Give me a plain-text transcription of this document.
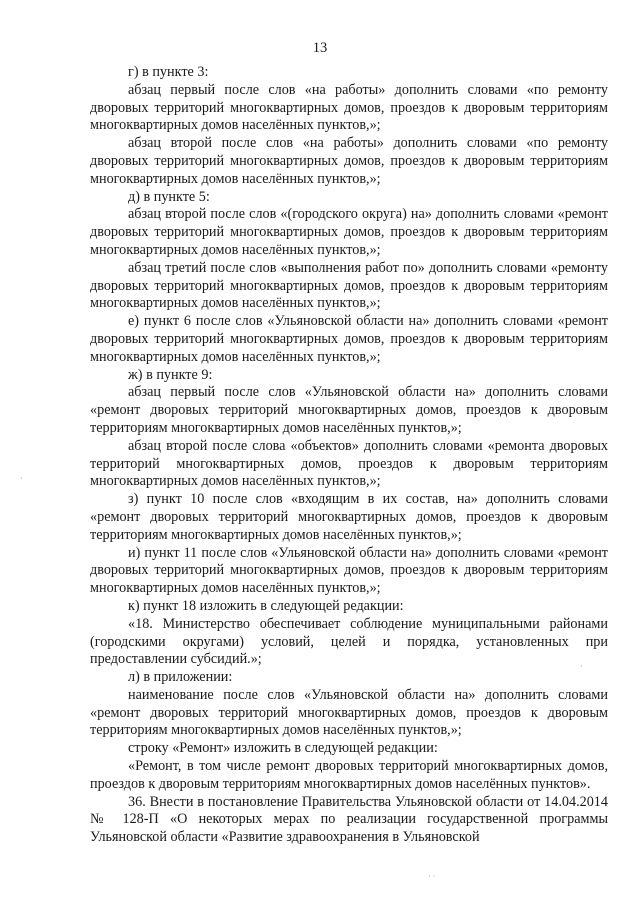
13

г) в пункте 3:

абзац первый после слов «на работы» дополнить словами «по ремонту дворовых территорий многоквартирных домов, проездов к дворовым территориям многоквартирных домов населённых пунктов,»;

абзац второй после слов «на работы» дополнить словами «по ремонту дворовых территорий многоквартирных домов, проездов к дворовым территориям многоквартирных домов населённых пунктов,»;

д) в пункте 5:

абзац второй после слов «(городского округа) на» дополнить словами «ремонт дворовых территорий многоквартирных домов, проездов к дворовым территориям многоквартирных домов населённых пунктов,»;

абзац третий после слов «выполнения работ по» дополнить словами «ремонту дворовых территорий многоквартирных домов, проездов к дворовым территориям многоквартирных домов населённых пунктов,»;

е) пункт 6 после слов «Ульяновской области на» дополнить словами «ремонт дворовых территорий многоквартирных домов, проездов к дворовым территориям многоквартирных домов населённых пунктов,»;

ж) в пункте 9:

абзац первый после слов «Ульяновской области на» дополнить словами «ремонт дворовых территорий многоквартирных домов, проездов к дворовым территориям многоквартирных домов населённых пунктов,»;

абзац второй после слова «объектов» дополнить словами «ремонта дворовых территорий многоквартирных домов, проездов к дворовым территориям многоквартирных домов населённых пунктов,»;

з) пункт 10 после слов «входящим в их состав, на» дополнить словами «ремонт дворовых территорий многоквартирных домов, проездов к дворовым территориям многоквартирных домов населённых пунктов,»;

и) пункт 11 после слов «Ульяновской области на» дополнить словами «ремонт дворовых территорий многоквартирных домов, проездов к дворовым территориям многоквартирных домов населённых пунктов,»;

к) пункт 18 изложить в следующей редакции:

«18. Министерство обеспечивает соблюдение муниципальными районами (городскими округами) условий, целей и порядка, установленных при предоставлении субсидий.»;

л) в приложении:

наименование после слов «Ульяновской области на» дополнить словами «ремонт дворовых территорий многоквартирных домов, проездов к дворовым территориям многоквартирных домов населённых пунктов,»;

строку «Ремонт» изложить в следующей редакции:

«Ремонт, в том числе ремонт дворовых территорий многоквартирных домов, проездов к дворовым территориям многоквартирных домов населённых пунктов».

36. Внести в постановление Правительства Ульяновской области от 14.04.2014 № 128-П «О некоторых мерах по реализации государственной программы Ульяновской области «Развитие здравоохранения в Ульяновской

·
·
· ·
